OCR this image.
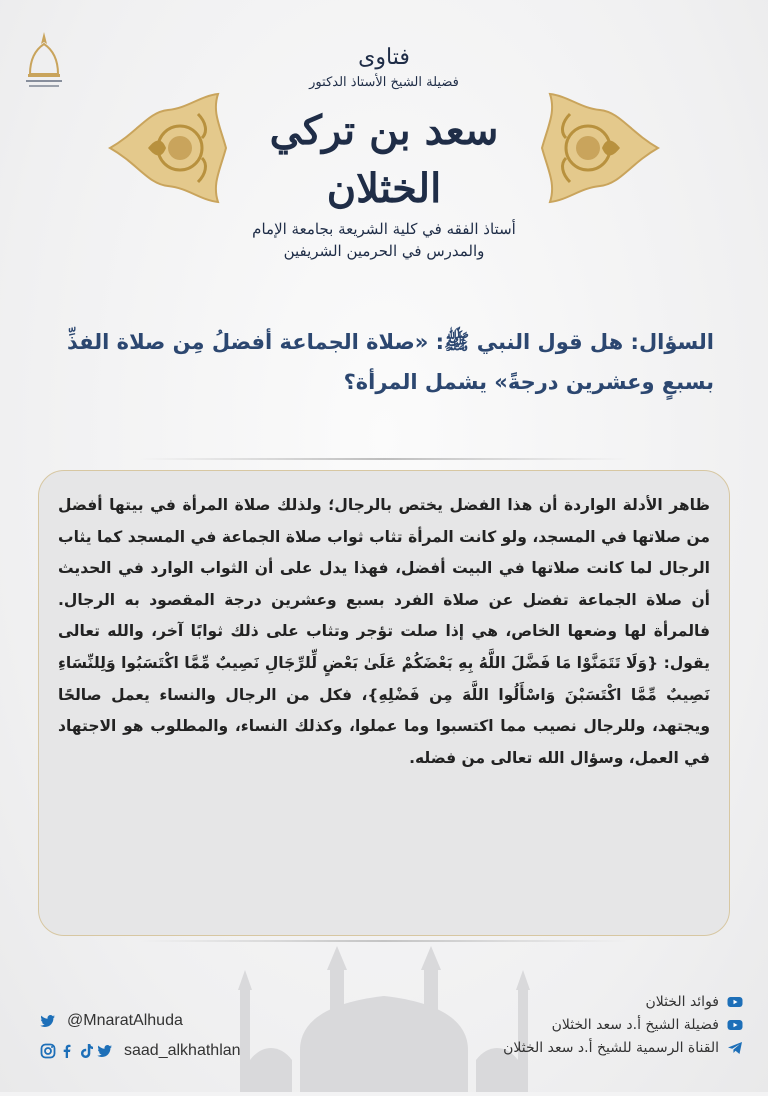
فتاوى
فضيلة الشيخ الأستاذ الدكتور
سعد بن تركي الخثلان
أستاذ الفقه في كلية الشريعة بجامعة الإمام
والمدرس في الحرمين الشريفين
السؤال: هل قول النبي ﷺ: «صلاة الجماعة أفضلُ مِن صلاة الفذِّ بسبعٍ وعشرين درجةً» يشمل المرأة؟
ظاهر الأدلة الواردة أن هذا الفضل يختص بالرجال؛ ولذلك صلاة المرأة في بيتها أفضل من صلاتها في المسجد، ولو كانت المرأة تثاب ثواب صلاة الجماعة في المسجد كما يثاب الرجال لما كانت صلاتها في البيت أفضل، فهذا يدل على أن الثواب الوارد في الحديث أن صلاة الجماعة تفضل عن صلاة الفرد بسبع وعشرين درجة المقصود به الرجال. فالمرأة لها وضعها الخاص، هي إذا صلت تؤجر وتثاب على ذلك ثوابًا آخر، والله تعالى يقول: {وَلَا تَتَمَنَّوْا مَا فَضَّلَ اللَّهُ بِهِ بَعْضَكُمْ عَلَىٰ بَعْضٍ لِّلرِّجَالِ نَصِيبٌ مِّمَّا اكْتَسَبُوا وَلِلنِّسَاءِ نَصِيبٌ مِّمَّا اكْتَسَبْنَ وَاسْأَلُوا اللَّهَ مِن فَضْلِهِ}، فكل من الرجال والنساء يعمل صالحًا ويجتهد، وللرجال نصيب مما اكتسبوا وما عملوا، وكذلك النساء، والمطلوب هو الاجتهاد في العمل، وسؤال الله تعالى من فضله.
@MnaratAlhuda
saad_alkhathlan
فوائد الخثلان
فضيلة الشيخ أ.د سعد الخثلان
القناة الرسمية للشيخ أ.د سعد الخثلان
